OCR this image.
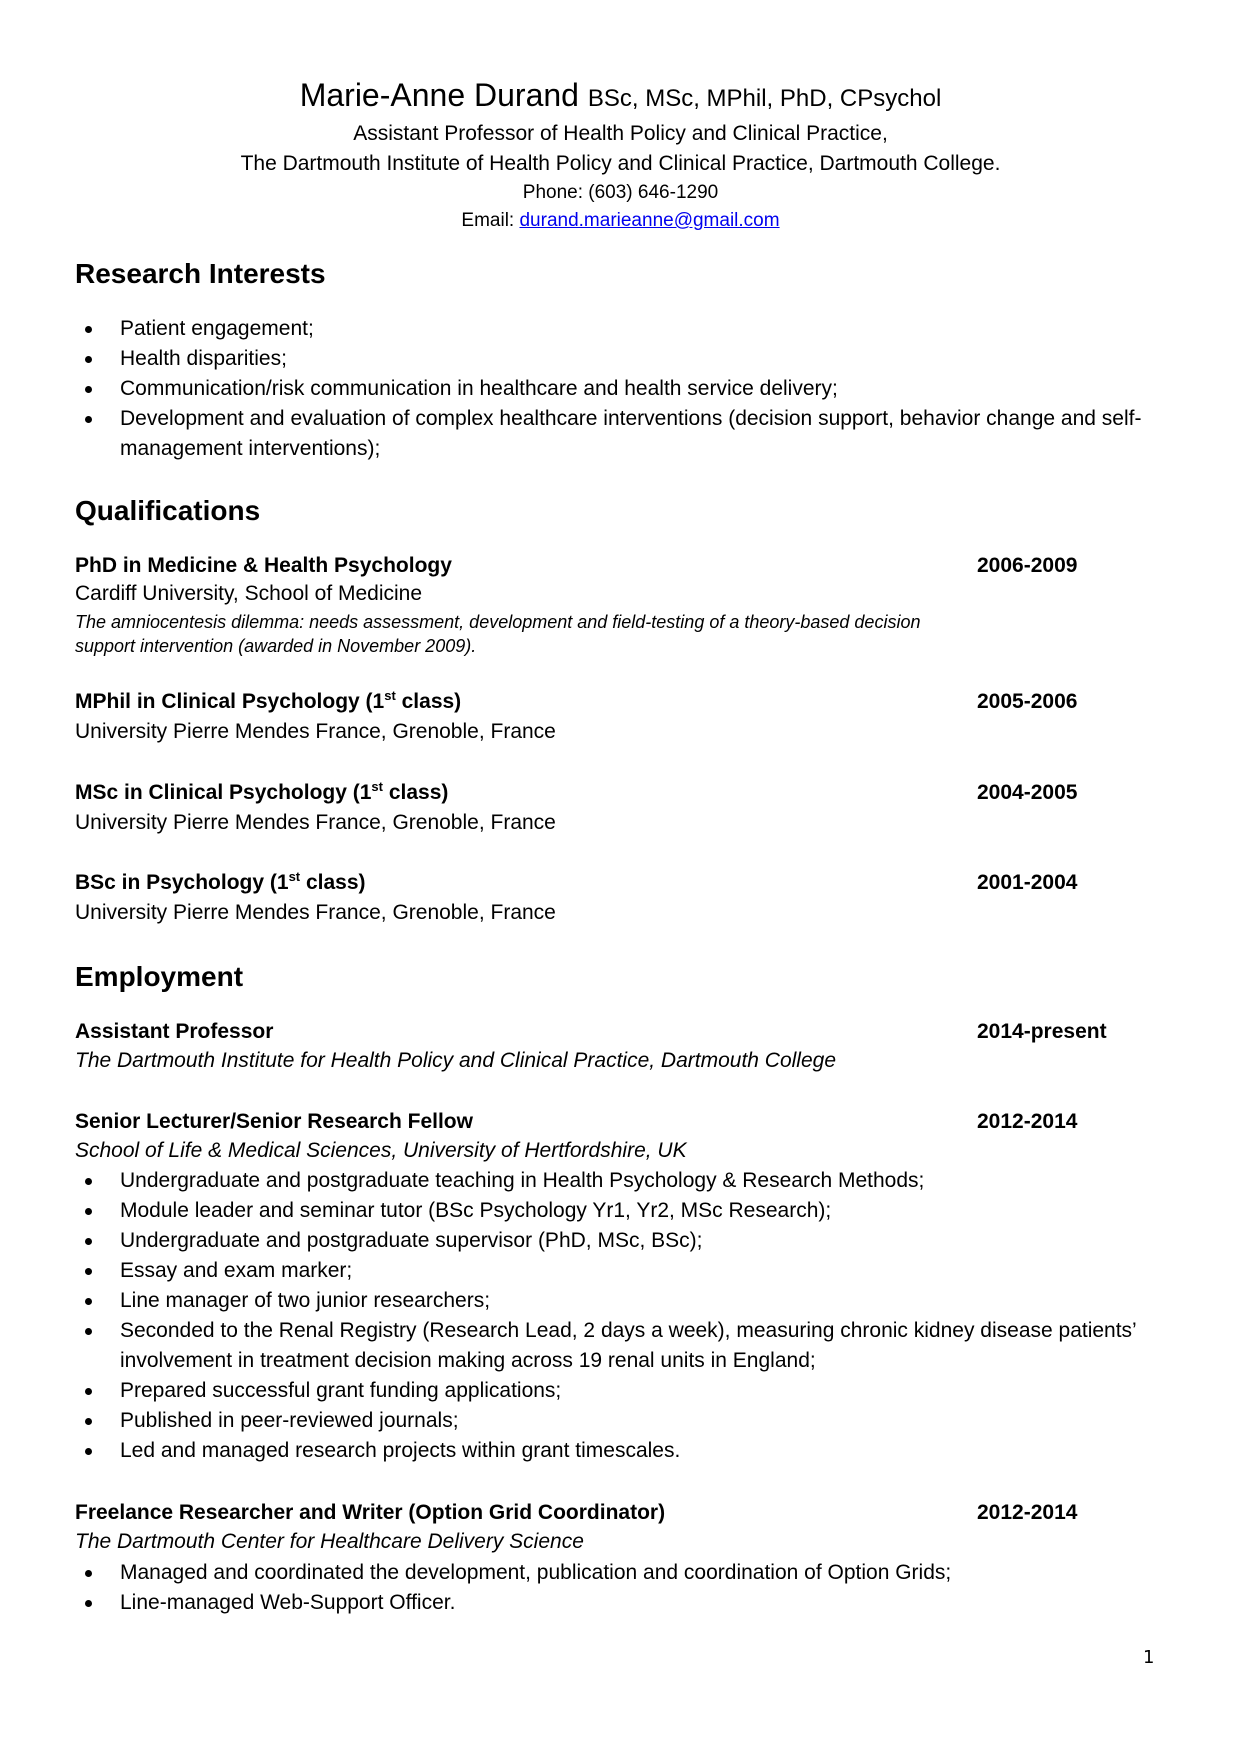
Marie-Anne Durand BSc, MSc, MPhil, PhD, CPsychol
Assistant Professor of Health Policy and Clinical Practice,
The Dartmouth Institute of Health Policy and Clinical Practice, Dartmouth College.
Phone: (603) 646-1290
Email: durand.marieanne@gmail.com
Research Interests
Patient engagement;
Health disparities;
Communication/risk communication in healthcare and health service delivery;
Development and evaluation of complex healthcare interventions (decision support, behavior change and self-management interventions);
Qualifications
PhD in Medicine & Health Psychology	2006-2009
Cardiff University, School of Medicine
The amniocentesis dilemma: needs assessment, development and field-testing of a theory-based decision support intervention (awarded in November 2009).
MPhil in Clinical Psychology (1st class)	2005-2006
University Pierre Mendes France, Grenoble, France
MSc in Clinical Psychology (1st class)	2004-2005
University Pierre Mendes France, Grenoble, France
BSc in Psychology (1st class)	2001-2004
University Pierre Mendes France, Grenoble, France
Employment
Assistant Professor	2014-present
The Dartmouth Institute for Health Policy and Clinical Practice, Dartmouth College
Senior Lecturer/Senior Research Fellow	2012-2014
School of Life & Medical Sciences, University of Hertfordshire, UK
Undergraduate and postgraduate teaching in Health Psychology & Research Methods;
Module leader and seminar tutor (BSc Psychology Yr1, Yr2, MSc Research);
Undergraduate and postgraduate supervisor (PhD, MSc, BSc);
Essay and exam marker;
Line manager of two junior researchers;
Seconded to the Renal Registry (Research Lead, 2 days a week), measuring chronic kidney disease patients’ involvement in treatment decision making across 19 renal units in England;
Prepared successful grant funding applications;
Published in peer-reviewed journals;
Led and managed research projects within grant timescales.
Freelance Researcher and Writer (Option Grid Coordinator)	2012-2014
The Dartmouth Center for Healthcare Delivery Science
Managed and coordinated the development, publication and coordination of Option Grids;
Line-managed Web-Support Officer.
1
